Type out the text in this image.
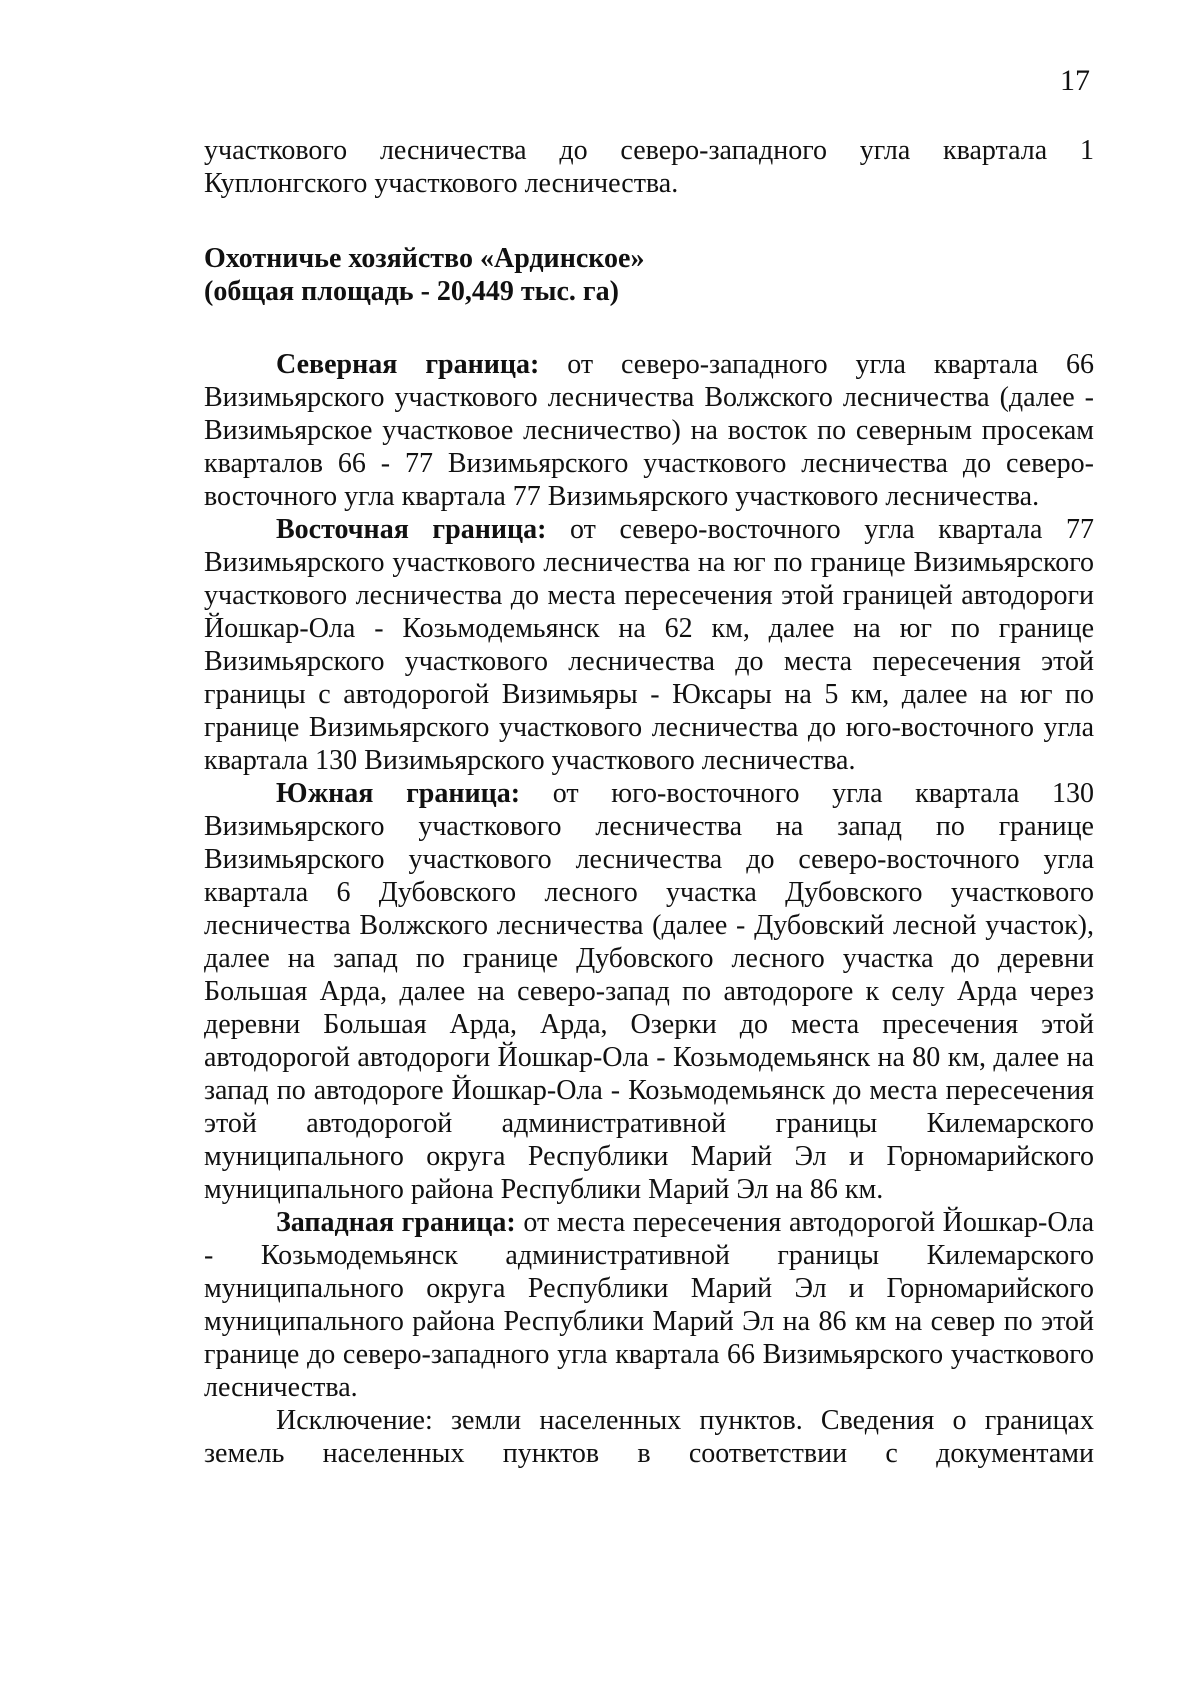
17

участкового лесничества до северо-западного угла квартала 1 Куплонгского участкового лесничества.

Охотничье хозяйство «Ардинское»

(общая площадь - 20,449 тыс. га)

Северная граница: от северо-западного угла квартала 66 Визимьярского участкового лесничества Волжского лесничества (далее - Визимьярское участковое лесничество) на восток по северным просекам кварталов 66 - 77 Визимьярского участкового лесничества до северо-восточного угла квартала 77 Визимьярского участкового лесничества.

Восточная граница: от северо-восточного угла квартала 77 Визимьярского участкового лесничества на юг по границе Визимьярского участкового лесничества до места пересечения этой границей автодороги Йошкар-Ола - Козьмодемьянск на 62 км, далее на юг по границе Визимьярского участкового лесничества до места пересечения этой границы с автодорогой Визимьяры - Юксары на 5 км, далее на юг по границе Визимьярского участкового лесничества до юго-восточного угла квартала 130 Визимьярского участкового лесничества.

Южная граница: от юго-восточного угла квартала 130 Визимьярского участкового лесничества на запад по границе Визимьярского участкового лесничества до северо-восточного угла квартала 6 Дубовского лесного участка Дубовского участкового лесничества Волжского лесничества (далее - Дубовский лесной участок), далее на запад по границе Дубовского лесного участка до деревни Большая Арда, далее на северо-запад по автодороге к селу Арда через деревни Большая Арда, Арда, Озерки до места пресечения этой автодорогой автодороги Йошкар-Ола - Козьмодемьянск на 80 км, далее на запад по автодороге Йошкар-Ола - Козьмодемьянск до места пересечения этой автодорогой административной границы Килемарского муниципального округа Республики Марий Эл и Горномарийского муниципального района Республики Марий Эл на 86 км.

Западная граница: от места пересечения автодорогой Йошкар-Ола - Козьмодемьянск административной границы Килемарского муниципального округа Республики Марий Эл и Горномарийского муниципального района Республики Марий Эл на 86 км на север по этой границе до северо-западного угла квартала 66 Визимьярского участкового лесничества.

Исключение: земли населенных пунктов. Сведения о границах земель населенных пунктов в соответствии с документами
